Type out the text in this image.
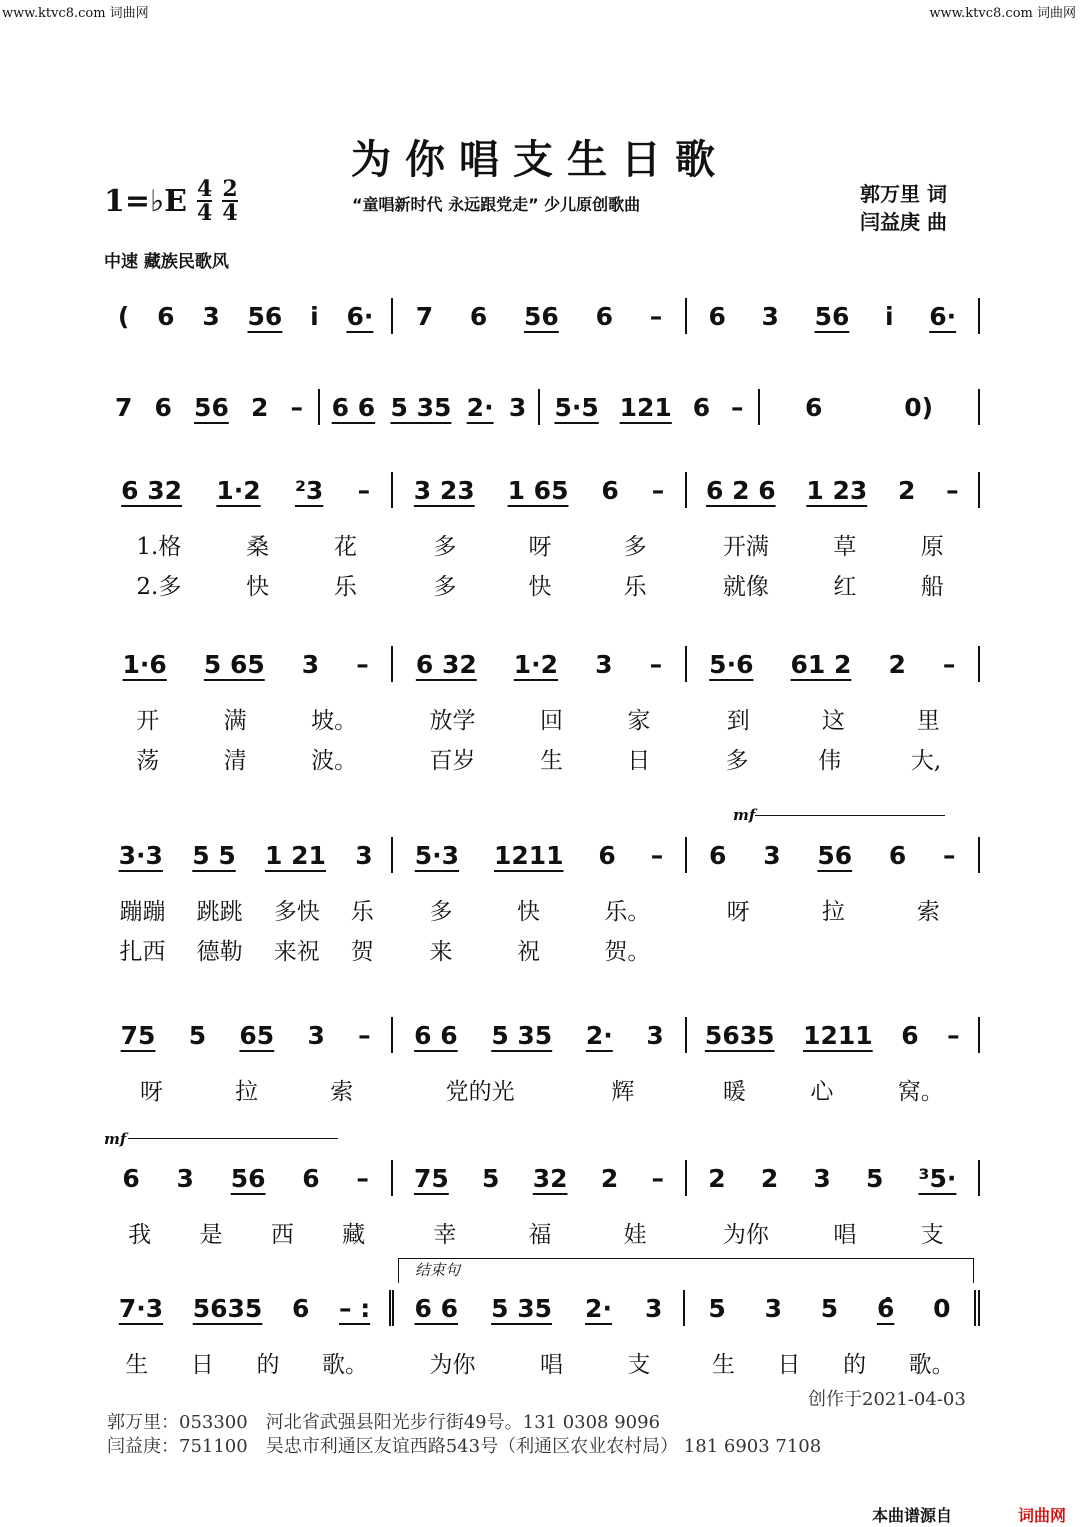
www.ktvc8.com 词曲网	www.ktvc8.com 词曲网
为你唱支生日歌
1=♭E $\frac{4}{4} \frac{2}{4}$	“童唱新时代 永远跟党走” 少儿原创歌曲	郭万里 词
闫益庚 曲
中速 藏族民歌风
( 6 3 56 i 6· 7 6 56 6 – 6 3 56 i 6·
7 6 56 2 – 6 6 5 35 2· 3 5·5 121 6 – 6	0)
6 32 1·2 ²3 – 3 23 1 65 6 – 6 2 6 1 23 2 –
1.格	桑	花	多	呀	多	开满	草	原
2.多	快	乐	多	快	乐	就像	红	船
1·6 5 65 3 – 6 32 1·2 3 – 5·6 61 2 2 –
开	满	坡。	放学	回	家	到	这	里
荡	清	波。	百岁	生	日	多	伟	大,
3·3 5 5 1 21 3 5·3 1211 6 – 6 3 56 6 –
蹦蹦 跳跳 多快 乐 多	快	乐。	呀	拉	索
扎西 德勒 来祝 贺 来	祝	贺。
75 5 65 3 – 6 6 5 35 2· 3 5635 1211 6 –
呀	拉	索	党的光	辉	暖	心	窝。
6 3 56 6 – 75 5 32 2 – 2 2 3 5 ³5·
我 是 西 藏	幸	福	娃	为你	唱	支
7·3 5635 6 – : 6 6 5 35 2· 3 5 3 5 6̂ 0
生 日 的 歌。	为你	唱	支	生 日 的 歌。
mf
mf
结束句
创作于2021-04-03
郭万里：053300　河北省武强县阳光步行街49号。131 0308 9096
闫益庚：751100　吴忠市利通区友谊西路543号（利通区农业农村局） 181 6903 7108
本曲谱源自	词曲网
